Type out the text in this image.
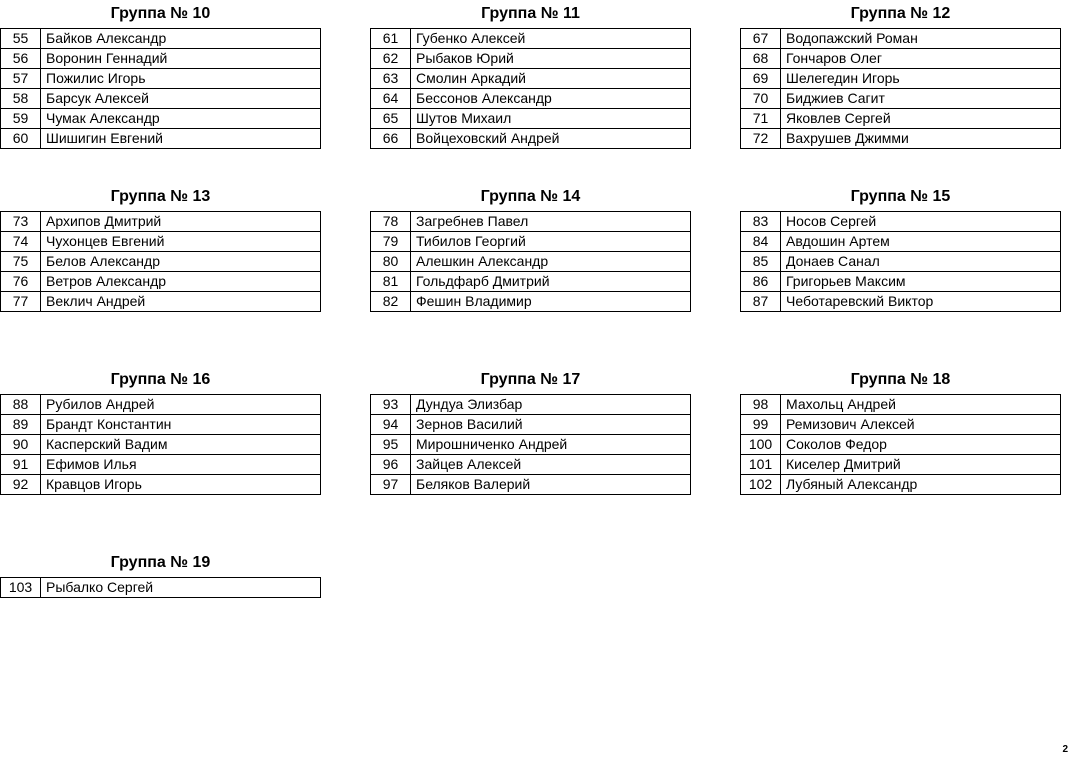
Группа № 10
55	Байков Александр
56	Воронин Геннадий
57	Пожилис Игорь
58	Барсук Алексей
59	Чумак Александр
60	Шишигин Евгений
Группа № 11
61	Губенко Алексей
62	Рыбаков Юрий
63	Смолин Аркадий
64	Бессонов Александр
65	Шутов Михаил
66	Войцеховский Андрей
Группа № 12
67	Водопажский Роман
68	Гончаров Олег
69	Шелегедин Игорь
70	Биджиев Сагит
71	Яковлев Сергей
72	Вахрушев Джимми
Группа № 13
73	Архипов Дмитрий
74	Чухонцев Евгений
75	Белов Александр
76	Ветров Александр
77	Веклич Андрей
Группа № 14
78	Загребнев Павел
79	Тибилов Георгий
80	Алешкин Александр
81	Гольдфарб Дмитрий
82	Фешин Владимир
Группа № 15
83	Носов Сергей
84	Авдошин Артем
85	Донаев Санал
86	Григорьев Максим
87	Чеботаревский Виктор
Группа № 16
88	Рубилов Андрей
89	Брандт Константин
90	Касперский Вадим
91	Ефимов Илья
92	Кравцов Игорь
Группа № 17
93	Дундуа Элизбар
94	Зернов Василий
95	Мирошниченко Андрей
96	Зайцев Алексей
97	Беляков Валерий
Группа № 18
98	Махольц Андрей
99	Ремизович Алексей
100	Соколов Федор
101	Киселер Дмитрий
102	Лубяный Александр
Группа № 19
103	Рыбалко Сергей
2
